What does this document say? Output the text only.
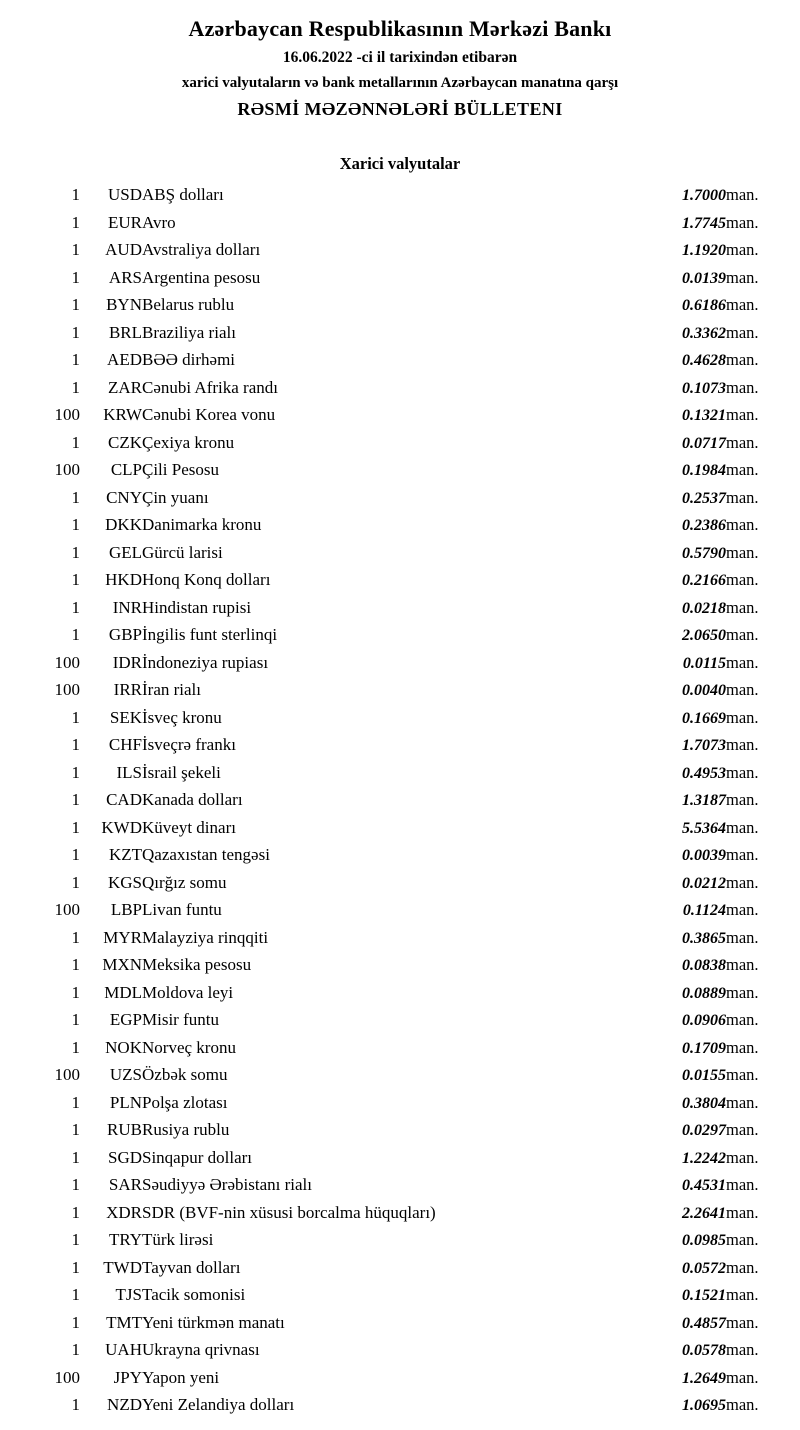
Azərbaycan Respublikasının Mərkəzi Bankı
16.06.2022 -ci il tarixindən etibarən
xarici valyutaların və bank metallarının Azərbaycan manatına qarşı
RƏSMİ MƏZƏNNƏLƏRİ BÜLLETENI
Xarici valyutalar
1	USD	ABŞ dolları	1.7000	man.
1	EUR	Avro	1.7745	man.
1	AUD	Avstraliya dolları	1.1920	man.
1	ARS	Argentina pesosu	0.0139	man.
1	BYN	Belarus rublu	0.6186	man.
1	BRL	Braziliya rialı	0.3362	man.
1	AED	BƏƏ dirhəmi	0.4628	man.
1	ZAR	Cənubi Afrika randı	0.1073	man.
100	KRW	Cənubi Korea vonu	0.1321	man.
1	CZK	Çexiya kronu	0.0717	man.
100	CLP	Çili Pesosu	0.1984	man.
1	CNY	Çin yuanı	0.2537	man.
1	DKK	Danimarka kronu	0.2386	man.
1	GEL	Gürcü larisi	0.5790	man.
1	HKD	Honq Konq dolları	0.2166	man.
1	INR	Hindistan rupisi	0.0218	man.
1	GBP	İngilis funt sterlinqi	2.0650	man.
100	IDR	İndoneziya rupiası	0.0115	man.
100	IRR	İran rialı	0.0040	man.
1	SEK	İsveç kronu	0.1669	man.
1	CHF	İsveçrə frankı	1.7073	man.
1	ILS	İsrail şekeli	0.4953	man.
1	CAD	Kanada dolları	1.3187	man.
1	KWD	Küveyt dinarı	5.5364	man.
1	KZT	Qazaxıstan tengəsi	0.0039	man.
1	KGS	Qırğız somu	0.0212	man.
100	LBP	Livan funtu	0.1124	man.
1	MYR	Malayziya rinqqiti	0.3865	man.
1	MXN	Meksika pesosu	0.0838	man.
1	MDL	Moldova leyi	0.0889	man.
1	EGP	Misir funtu	0.0906	man.
1	NOK	Norveç kronu	0.1709	man.
100	UZS	Özbək somu	0.0155	man.
1	PLN	Polşa zlotası	0.3804	man.
1	RUB	Rusiya rublu	0.0297	man.
1	SGD	Sinqapur dolları	1.2242	man.
1	SAR	Səudiyyə Ərəbistanı rialı	0.4531	man.
1	XDR	SDR (BVF-nin xüsusi borcalma hüquqları)	2.2641	man.
1	TRY	Türk lirəsi	0.0985	man.
1	TWD	Tayvan dolları	0.0572	man.
1	TJS	Tacik somonisi	0.1521	man.
1	TMT	Yeni türkmən manatı	0.4857	man.
1	UAH	Ukrayna qrivnası	0.0578	man.
100	JPY	Yapon yeni	1.2649	man.
1	NZD	Yeni Zelandiya dolları	1.0695	man.
